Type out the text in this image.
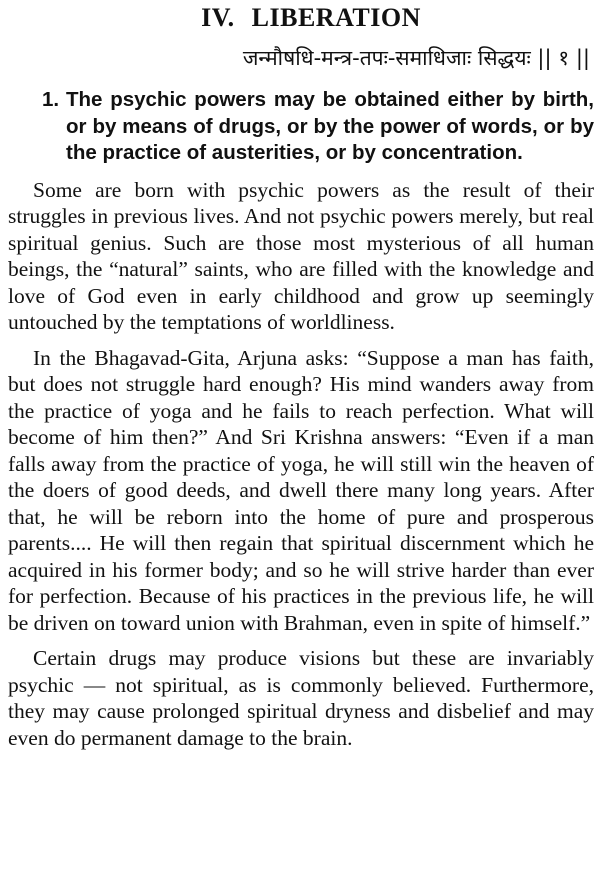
IV. LIBERATION
जन्मौषधि-मन्त्र-तपः-समाधिजाः सिद्धयः || १ ||
1. The psychic powers may be obtained either by birth, or by means of drugs, or by the power of words, or by the practice of austerities, or by concentration.

Some are born with psychic powers as the result of their struggles in previous lives. And not psychic powers merely, but real spiritual genius. Such are those most mysterious of all human beings, the “natural” saints, who are filled with the knowledge and love of God even in early childhood and grow up seemingly untouched by the temptations of worldliness.

In the Bhagavad-Gita, Arjuna asks: “Suppose a man has faith, but does not struggle hard enough? His mind wanders away from the practice of yoga and he fails to reach perfection. What will become of him then?” And Sri Krishna answers: “Even if a man falls away from the practice of yoga, he will still win the heaven of the doers of good deeds, and dwell there many long years. After that, he will be reborn into the home of pure and prosperous parents.... He will then regain that spiritual discernment which he acquired in his former body; and so he will strive harder than ever for perfection. Because of his practices in the previous life, he will be driven on toward union with Brahman, even in spite of himself.”

Certain drugs may produce visions but these are invariably psychic — not spiritual, as is commonly believed. Furthermore, they may cause prolonged spiritual dryness and disbelief and may even do permanent damage to the brain.
